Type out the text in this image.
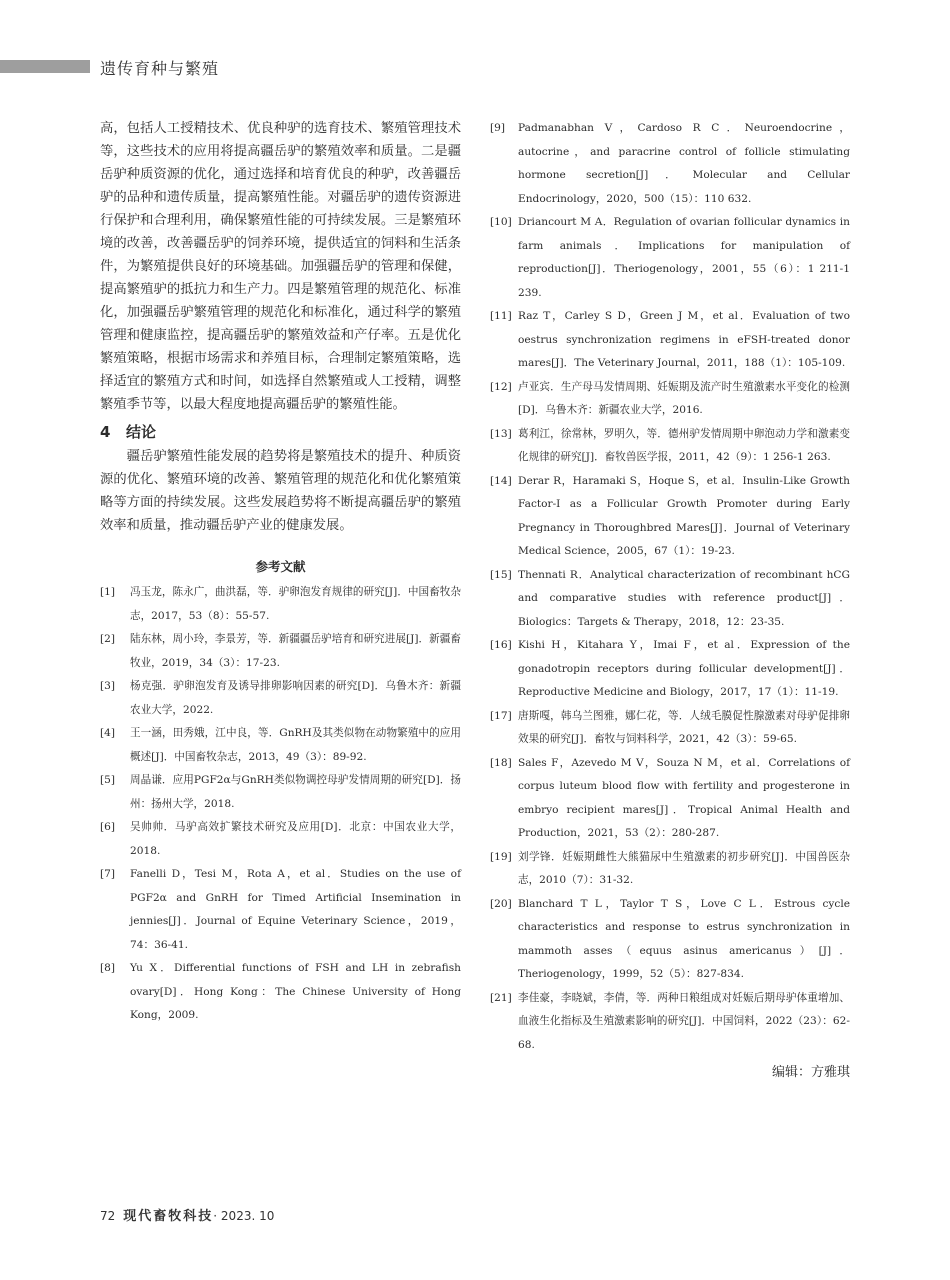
遗传育种与繁殖

高，包括人工授精技术、优良种驴的选育技术、繁殖管理技术等，这些技术的应用将提高疆岳驴的繁殖效率和质量。二是疆岳驴种质资源的优化，通过选择和培育优良的种驴，改善疆岳驴的品种和遗传质量，提高繁殖性能。对疆岳驴的遗传资源进行保护和合理利用，确保繁殖性能的可持续发展。三是繁殖环境的改善，改善疆岳驴的饲养环境，提供适宜的饲料和生活条件，为繁殖提供良好的环境基础。加强疆岳驴的管理和保健，提高繁殖驴的抵抗力和生产力。四是繁殖管理的规范化、标准化，加强疆岳驴繁殖管理的规范化和标准化，通过科学的繁殖管理和健康监控，提高疆岳驴的繁殖效益和产仔率。五是优化繁殖策略，根据市场需求和养殖目标，合理制定繁殖策略，选择适宜的繁殖方式和时间，如选择自然繁殖或人工授精，调整繁殖季节等，以最大程度地提高疆岳驴的繁殖性能。

4 结论

疆岳驴繁殖性能发展的趋势将是繁殖技术的提升、种质资源的优化、繁殖环境的改善、繁殖管理的规范化和优化繁殖策略等方面的持续发展。这些发展趋势将不断提高疆岳驴的繁殖效率和质量，推动疆岳驴产业的健康发展。

参考文献
[1]	冯玉龙，陈永广，曲洪磊，等．驴卵泡发育规律的研究[J]．中国畜牧杂志，2017，53（8）：55-57.
[2]	陆东林，周小玲，李景芳，等．新疆疆岳驴培育和研究进展[J]．新疆畜牧业，2019，34（3）：17-23.
[3]	杨克强．驴卵泡发育及诱导排卵影响因素的研究[D]．乌鲁木齐：新疆农业大学，2022.
[4]	王一涵，田秀娥，江中良，等．GnRH及其类似物在动物繁殖中的应用概述[J]．中国畜牧杂志，2013，49（3）：89-92.
[5]	周晶谦．应用PGF2α与GnRH类似物调控母驴发情周期的研究[D]．扬州：扬州大学，2018.
[6]	吴帅帅．马驴高效扩繁技术研究及应用[D]．北京：中国农业大学，2018.
[7]	Fanelli D，Tesi M，Rota A，et al．Studies on the use of PGF2α and GnRH for Timed Artificial Insemination in jennies[J]．Journal of Equine Veterinary Science，2019，74：36-41.
[8]	Yu X．Differential functions of FSH and LH in zebrafish ovary[D]．Hong Kong：The Chinese University of Hong Kong，2009.
[9]	Padmanabhan V，Cardoso R C．Neuroendocrine，autocrine，and paracrine control of follicle stimulating hormone secretion[J]．Molecular and Cellular Endocrinology，2020，500（15）：110 632.
[10] Driancourt M A．Regulation of ovarian follicular dynamics in farm animals．Implications for manipulation of reproduction[J]．Theriogenology，2001，55（6）：1 211-1 239.
[11] Raz T，Carley S D，Green J M，et al．Evaluation of two oestrus synchronization regimens in eFSH-treated donor mares[J]．The Veterinary Journal，2011，188（1）：105-109.
[12] 卢亚宾．生产母马发情周期、妊娠期及流产时生殖激素水平变化的检测[D]．乌鲁木齐：新疆农业大学，2016.
[13] 葛利江，徐常林，罗明久，等．德州驴发情周期中卵泡动力学和激素变化规律的研究[J]．畜牧兽医学报，2011，42（9）：1 256-1 263.
[14] Derar R，Haramaki S，Hoque S，et al．Insulin-Like Growth Factor-I as a Follicular Growth Promoter during Early Pregnancy in Thoroughbred Mares[J]．Journal of Veterinary Medical Science，2005，67（1）：19-23.
[15] Thennati R．Analytical characterization of recombinant hCG and comparative studies with reference product[J]．Biologics：Targets & Therapy，2018，12：23-35.
[16] Kishi H，Kitahara Y，Imai F，et al．Expression of the gonadotropin receptors during follicular development[J]．Reproductive Medicine and Biology，2017，17（1）：11-19.
[17] 唐斯嘎，韩乌兰图雅，娜仁花，等．人绒毛膜促性腺激素对母驴促排卵效果的研究[J]．畜牧与饲料科学，2021，42（3）：59-65.
[18] Sales F，Azevedo M V，Souza N M，et al．Correlations of corpus luteum blood flow with fertility and progesterone in embryo recipient mares[J]．Tropical Animal Health and Production，2021，53（2）：280-287.
[19] 刘学锋．妊娠期雌性大熊猫尿中生殖激素的初步研究[J]．中国兽医杂志，2010（7）：31-32.
[20] Blanchard T L，Taylor T S，Love C L．Estrous cycle characteristics and response to estrus synchronization in mammoth asses（equus asinus americanus）[J]．Theriogenology，1999，52（5）：827-834.
[21] 李佳豪，李晓斌，李倩，等．两种日粮组成对妊娠后期母驴体重增加、血液生化指标及生殖激素影响的研究[J]．中国饲料，2022（23）：62-68.
编辑：方雅琪
72 现代畜牧科技· 2023. 10
